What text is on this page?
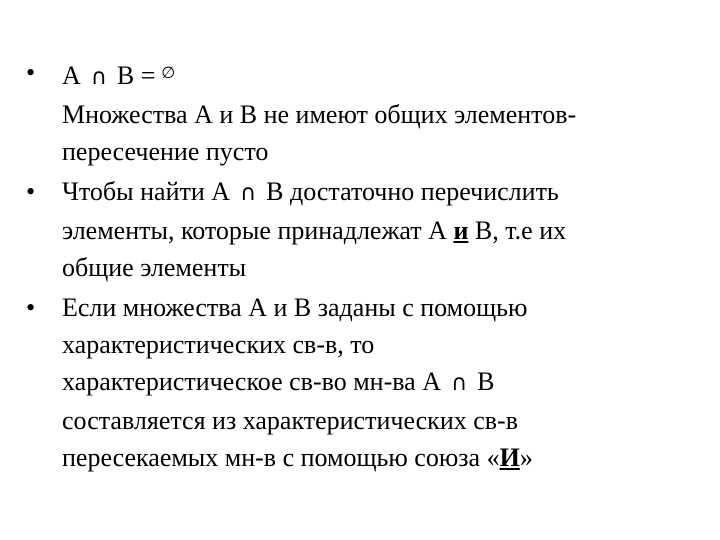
•	A ∩ B = ∅
Множества А и В не имеют общих элементов-
пересечение пусто
•	Чтобы найти А ∩ В достаточно перечислить
элементы, которые принадлежат А и В, т.е их
общие элементы
•	Если множества А и В заданы с помощью
характеристических св-в, то
характеристическое св-во мн-ва А ∩ В
составляется из характеристических св-в
пересекаемых мн-в с помощью союза «И»
